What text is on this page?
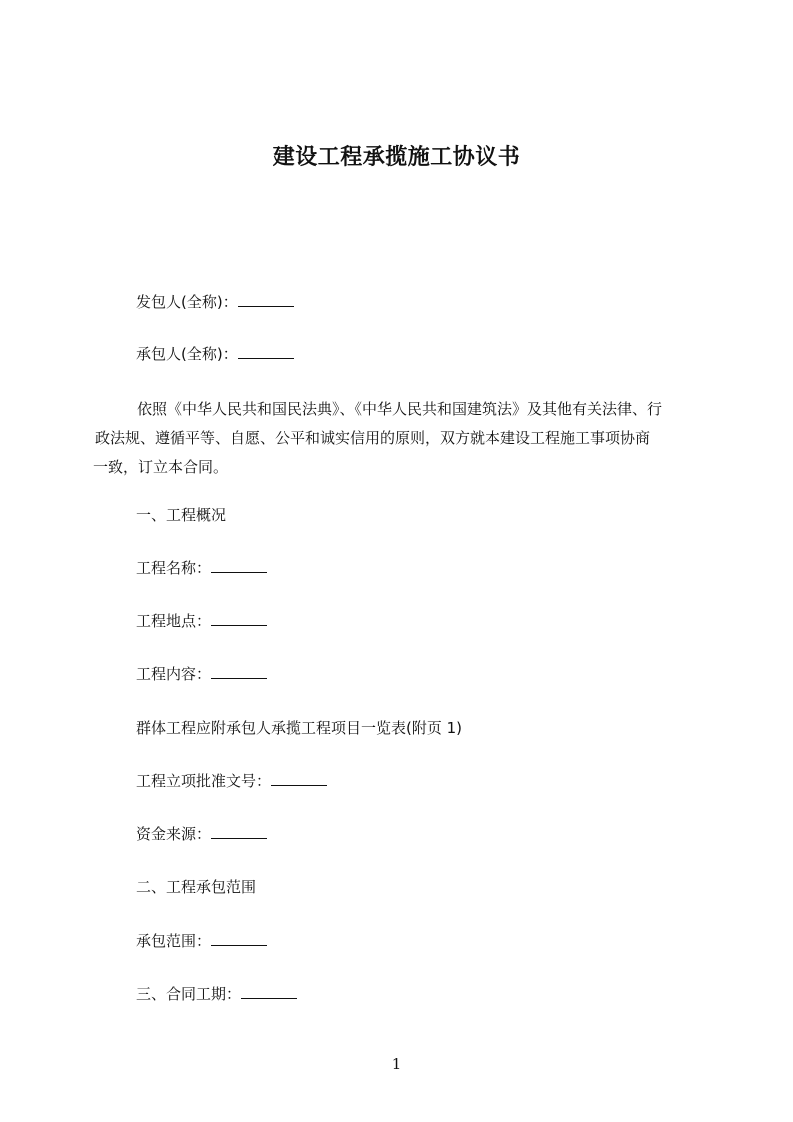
建设工程承揽施工协议书
发包人(全称)：
承包人(全称)：
依照《中华人民共和国民法典》、《中华人民共和国建筑法》及其他有关法律、行
政法规、遵循平等、自愿、公平和诚实信用的原则，双方就本建设工程施工事项协商
一致，订立本合同。
一、工程概况
工程名称：
工程地点：
工程内容：
群体工程应附承包人承揽工程项目一览表(附页 1)
工程立项批准文号：
资金来源：
二、工程承包范围
承包范围：
三、合同工期：
1
